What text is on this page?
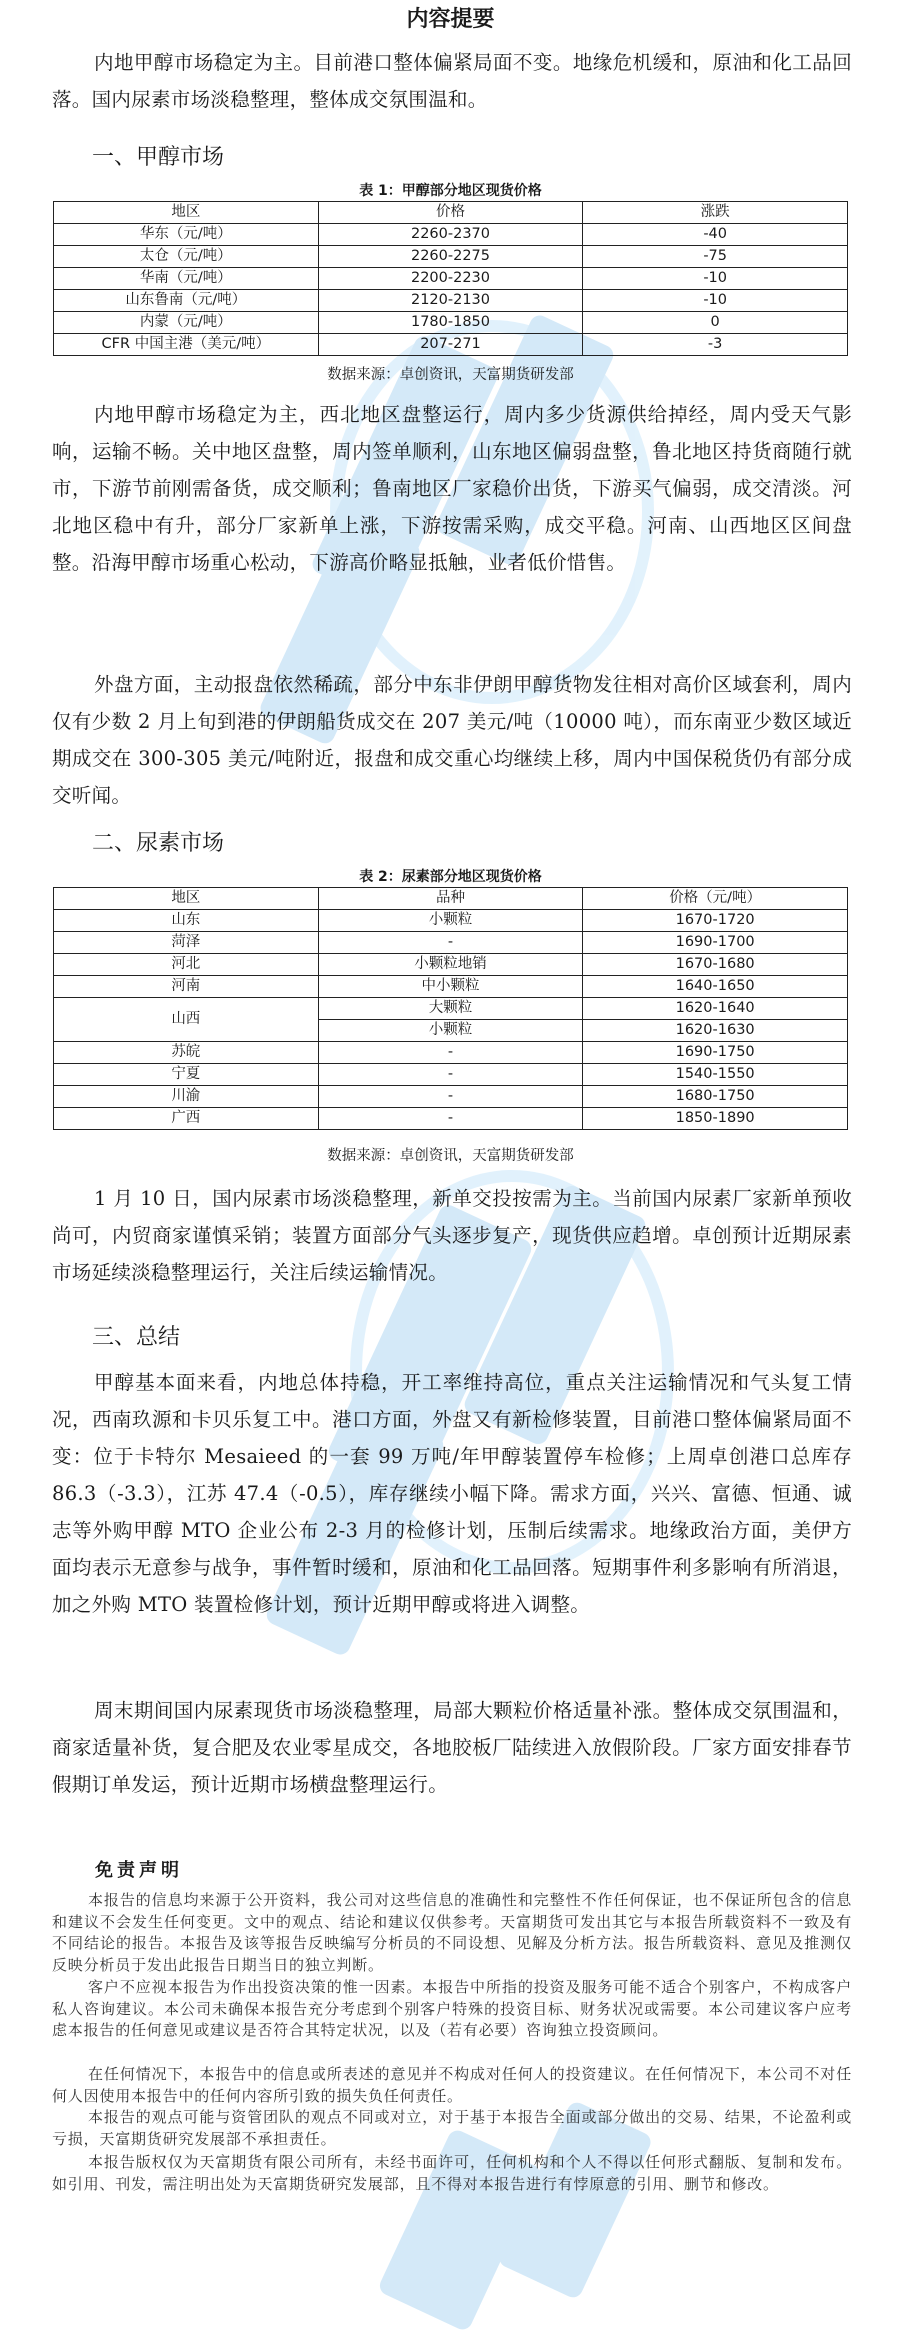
内容提要
内地甲醇市场稳定为主。目前港口整体偏紧局面不变。地缘危机缓和，原油和化工品回落。国内尿素市场淡稳整理，整体成交氛围温和。
一、甲醇市场
表 1：甲醇部分地区现货价格
地区	价格	涨跌
华东（元/吨）	2260-2370	-40
太仓（元/吨）	2260-2275	-75
华南（元/吨）	2200-2230	-10
山东鲁南（元/吨）	2120-2130	-10
内蒙（元/吨）	1780-1850	0
CFR 中国主港（美元/吨）	207-271	-3
数据来源：卓创资讯，天富期货研发部
内地甲醇市场稳定为主，西北地区盘整运行，周内多少货源供给掉经，周内受天气影响，运输不畅。关中地区盘整，周内签单顺利，山东地区偏弱盘整，鲁北地区持货商随行就市，下游节前刚需备货，成交顺利；鲁南地区厂家稳价出货，下游买气偏弱，成交清淡。河北地区稳中有升，部分厂家新单上涨，下游按需采购，成交平稳。河南、山西地区区间盘整。沿海甲醇市场重心松动，下游高价略显抵触，业者低价惜售。
外盘方面，主动报盘依然稀疏，部分中东非伊朗甲醇货物发往相对高价区域套利，周内仅有少数 2 月上旬到港的伊朗船货成交在 207 美元/吨（10000 吨），而东南亚少数区域近期成交在 300-305 美元/吨附近，报盘和成交重心均继续上移，周内中国保税货仍有部分成交听闻。
二、尿素市场
表 2：尿素部分地区现货价格
地区	品种	价格（元/吨）
山东	小颗粒	1670-1720
菏泽	-	1690-1700
河北	小颗粒地销	1670-1680
河南	中小颗粒	1640-1650
山西	大颗粒	1620-1640
	小颗粒	1620-1630
苏皖	-	1690-1750
宁夏	-	1540-1550
川渝	-	1680-1750
广西	-	1850-1890
数据来源：卓创资讯，天富期货研发部
1 月 10 日，国内尿素市场淡稳整理，新单交投按需为主。当前国内尿素厂家新单预收尚可，内贸商家谨慎采销；装置方面部分气头逐步复产，现货供应趋增。卓创预计近期尿素市场延续淡稳整理运行，关注后续运输情况。
三、总结
甲醇基本面来看，内地总体持稳，开工率维持高位，重点关注运输情况和气头复工情况，西南玖源和卡贝乐复工中。港口方面，外盘又有新检修装置，目前港口整体偏紧局面不变：位于卡特尔 Mesaieed 的一套 99 万吨/年甲醇装置停车检修；上周卓创港口总库存 86.3（-3.3），江苏 47.4（-0.5），库存继续小幅下降。需求方面，兴兴、富德、恒通、诚志等外购甲醇 MTO 企业公布 2-3 月的检修计划，压制后续需求。地缘政治方面，美伊方面均表示无意参与战争，事件暂时缓和，原油和化工品回落。短期事件利多影响有所消退，加之外购 MTO 装置检修计划，预计近期甲醇或将进入调整。
周末期间国内尿素现货市场淡稳整理，局部大颗粒价格适量补涨。整体成交氛围温和，商家适量补货，复合肥及农业零星成交，各地胶板厂陆续进入放假阶段。厂家方面安排春节假期订单发运，预计近期市场横盘整理运行。
免责声明
本报告的信息均来源于公开资料，我公司对这些信息的准确性和完整性不作任何保证，也不保证所包含的信息和建议不会发生任何变更。文中的观点、结论和建议仅供参考。天富期货可发出其它与本报告所载资料不一致及有不同结论的报告。本报告及该等报告反映编写分析员的不同设想、见解及分析方法。报告所载资料、意见及推测仅反映分析员于发出此报告日期当日的独立判断。
客户不应视本报告为作出投资决策的惟一因素。本报告中所指的投资及服务可能不适合个别客户，不构成客户私人咨询建议。本公司未确保本报告充分考虑到个别客户特殊的投资目标、财务状况或需要。本公司建议客户应考虑本报告的任何意见或建议是否符合其特定状况，以及（若有必要）咨询独立投资顾问。
在任何情况下，本报告中的信息或所表述的意见并不构成对任何人的投资建议。在任何情况下，本公司不对任何人因使用本报告中的任何内容所引致的损失负任何责任。
本报告的观点可能与资管团队的观点不同或对立，对于基于本报告全面或部分做出的交易、结果，不论盈利或亏损，天富期货研究发展部不承担责任。
本报告版权仅为天富期货有限公司所有，未经书面许可，任何机构和个人不得以任何形式翻版、复制和发布。如引用、刊发，需注明出处为天富期货研究发展部，且不得对本报告进行有悖原意的引用、删节和修改。
